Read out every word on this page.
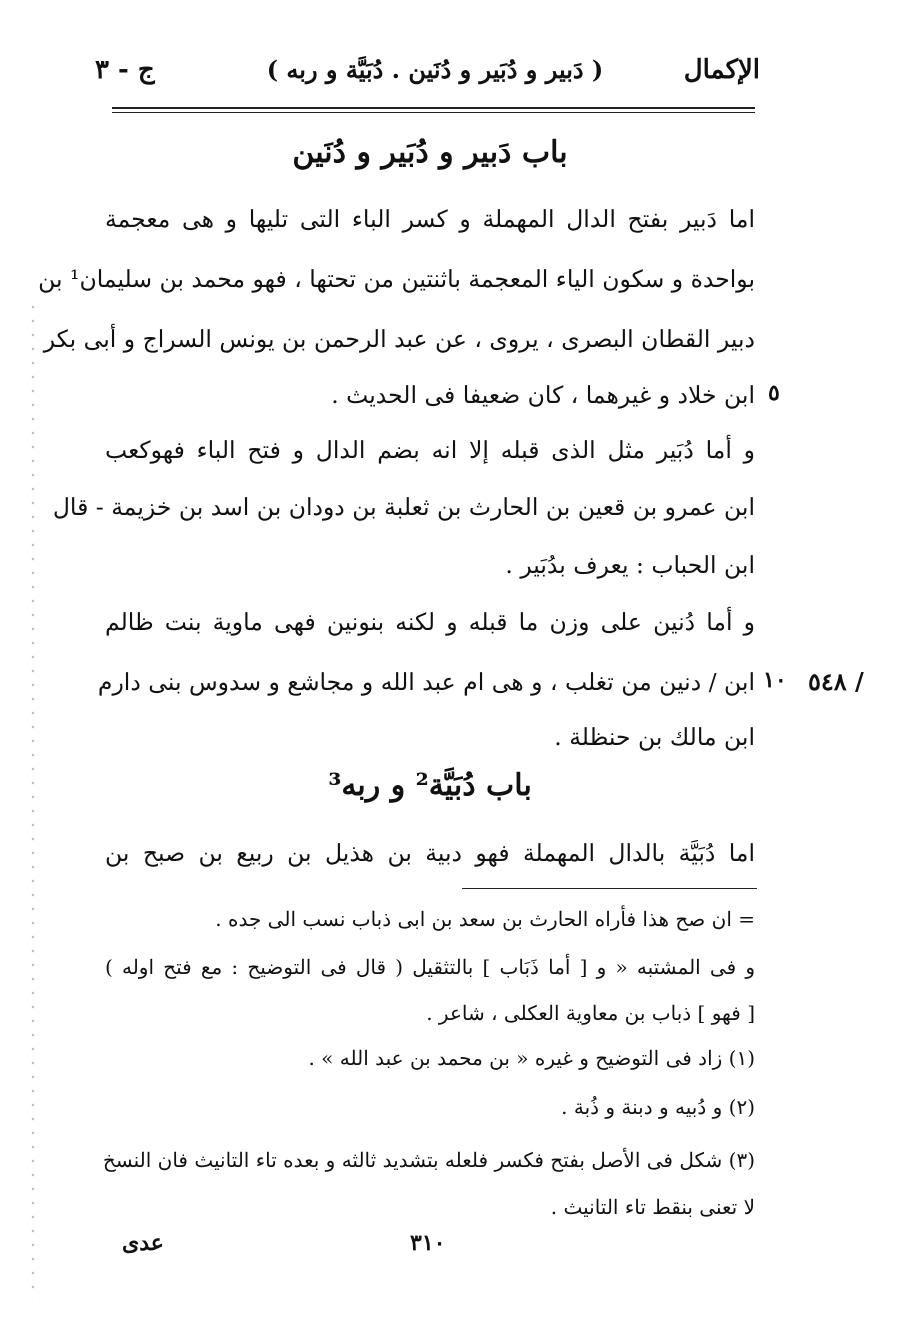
الإكمال
( دَبير و دُبَير و دُنَين . دُبَيَّة و ربه )
ج - ٣
باب دَبير و دُبَير و دُنَين
اما دَبير بفتح الدال المهملة و كسر الباء التى تليها و هى معجمة
بواحدة و سكون الياء المعجمة باثنتين من تحتها ، فهو محمد بن سليمان¹ بن
دبير القطان البصرى ، يروى ، عن عبد الرحمن بن يونس السراج و أبى بكر
ابن خلاد و غيرهما ، كان ضعيفا فى الحديث . ٥
و أما دُبَير مثل الذى قبله إلا انه بضم الدال و فتح الباء فهوكعب
ابن عمرو بن قعين بن الحارث بن ثعلبة بن دودان بن اسد بن خزيمة - قال
ابن الحباب : يعرف بدُبَير .
و أما دُنين على وزن ما قبله و لكنه بنونين فهى ماوية بنت ظالم
ابن / دنين من تغلب ، و هى ام عبد الله و مجاشع و سدوس بنى دارم ١٠ ٥٤٨ /
ابن مالك بن حنظلة .
باب دُبَيَّة² و ربه³
اما دُبَيَّة بالدال المهملة فهو دبية بن هذيل بن ربيع بن صبح بن
= ان صح هذا فأراه الحارث بن سعد بن ابى ذباب نسب الى جده .
و فى المشتبه « و [ أما ذَبَاب ] بالتثقيل ( قال فى التوضيح : مع فتح اوله )
[ فهو ] ذباب بن معاوية العكلى ، شاعر .
(١) زاد فى التوضيح و غيره « بن محمد بن عبد الله » .
(٢) و دُبيه و دبنة و ذُبة .
(٣) شكل فى الأصل بفتح فكسر فلعله بتشديد ثالثه و بعده تاء التانيث فان النسخ
لا تعنى بنقط تاء التانيث .
٣١٠
عدى
